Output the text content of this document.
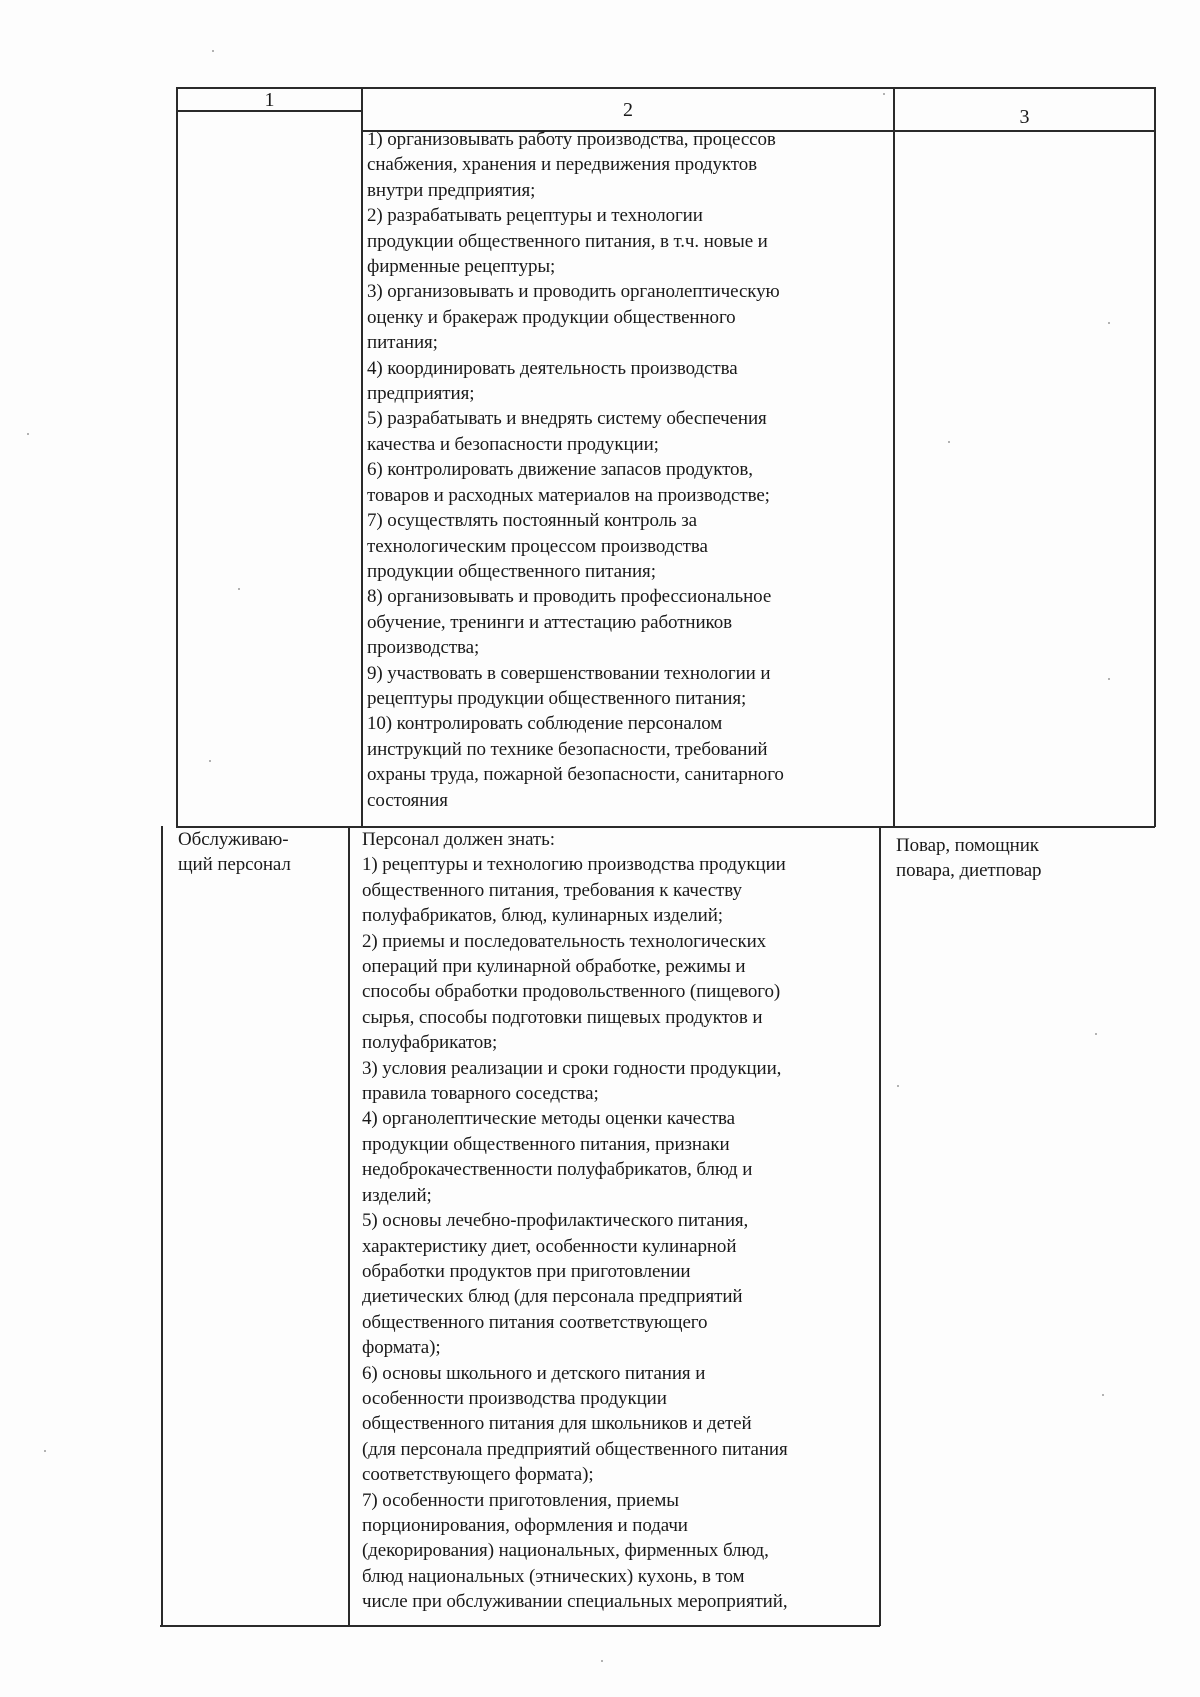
1	2	3
1) организовывать работу производства, процессов
снабжения, хранения и передвижения продуктов
внутри предприятия;
2) разрабатывать рецептуры и технологии
продукции общественного питания, в т.ч. новые и
фирменные рецептуры;
3) организовывать и проводить органолептическую
оценку и бракераж продукции общественного
питания;
4) координировать деятельность производства
предприятия;
5) разрабатывать и внедрять систему обеспечения
качества и безопасности продукции;
6) контролировать движение запасов продуктов,
товаров и расходных материалов на производстве;
7) осуществлять постоянный контроль за
технологическим процессом производства
продукции общественного питания;
8) организовывать и проводить профессиональное
обучение, тренинги и аттестацию работников
производства;
9) участвовать в совершенствовании технологии и
рецептуры продукции общественного питания;
10) контролировать соблюдение персоналом
инструкций по технике безопасности, требований
охраны труда, пожарной безопасности, санитарного
состояния
Обслуживаю-
щий персонал
Персонал должен знать:
1) рецептуры и технологию производства продукции
общественного питания, требования к качеству
полуфабрикатов, блюд, кулинарных изделий;
2) приемы и последовательность технологических
операций при кулинарной обработке, режимы и
способы обработки продовольственного (пищевого)
сырья, способы подготовки пищевых продуктов и
полуфабрикатов;
3) условия реализации и сроки годности продукции,
правила товарного соседства;
4) органолептические методы оценки качества
продукции общественного питания, признаки
недоброкачественности полуфабрикатов, блюд и
изделий;
5) основы лечебно-профилактического питания,
характеристику диет, особенности кулинарной
обработки продуктов при приготовлении
диетических блюд (для персонала предприятий
общественного питания соответствующего
формата);
6) основы школьного и детского питания и
особенности производства продукции
общественного питания для школьников и детей
(для персонала предприятий общественного питания
соответствующего формата);
7) особенности приготовления, приемы
порционирования, оформления и подачи
(декорирования) национальных, фирменных блюд,
блюд национальных (этнических) кухонь, в том
числе при обслуживании специальных мероприятий,
Повар, помощник
повара, диетповар
